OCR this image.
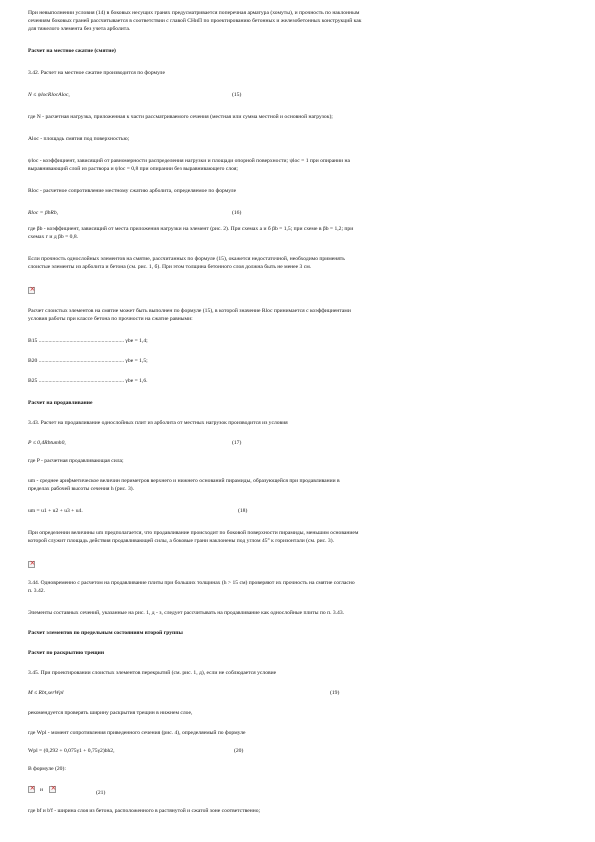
При невыполнении условия (14) в боковых несущих гранях предусматривается поперечная арматура (хомуты), и прочность по наклонным
сечениям боковых граней рассчитывается в соответствии с главой СНиП по проектированию бетонных и железобетонных конструкций как
для тяжелого элемента без учета арболита.
Расчет на местное сжатие (смятие)
3.42. Расчет на местное сжатие производится по формуле
N ≤ ψlocRlocAloc,	(15)
где N - расчетная нагрузка, приложенная к части рассматриваемого сечения (местная или сумма местной и основной нагрузок);
Aloc - площадь смятия под поверхностью;
ψloc - коэффициент, зависящий от равномерности распределения нагрузки и площади опорной поверхности; ψloc = 1 при опирании на
выравнивающий слой из раствора и ψloc = 0,8 при опирании без выравнивающего слоя;
Rloc - расчетное сопротивление местному сжатию арболита, определяемое по формуле
Rloc = βbRb,	(16)
где βb - коэффициент, зависящий от места приложения нагрузки на элемент (рис. 2). При схемах а и б βb = 1,5; при схеме в βb = 1,2; при
схемах г и д βb = 0,8.
Если прочность однослойных элементов на смятие, рассчитанных по формуле (15), окажется недостаточной, необходимо применять
слоистые элементы из арболита и бетона (см. рис. 1, б). При этом толщина бетонного слоя должна быть не менее 3 см.
×
Расчет слоистых элементов на смятие может быть выполнен по формуле (15), в которой значение Rloc принимается с коэффициентами
условия работы при классе бетона по прочности на сжатие равными:
В15 ............................................................. γbe = 1,4;
В20 ............................................................. γbe = 1,5;
В25 ............................................................. γbe = 1,6.
Расчет на продавливание
3.43. Расчет на продавливание однослойных плит из арболита от местных нагрузок производится из условия
P ≤ 0,4Rbtumh0,	(17)
где P - расчетная продавливающая сила;
um - среднее арифметическое величин периметров верхнего и нижнего оснований пирамиды, образующейся при продавливании в
пределах рабочей высоты сечения h (рис. 3).
um = u1 + u2 + u3 + u4.	(18)
При определении величины um предполагается, что продавливание происходит по боковой поверхности пирамиды, меньшим основанием
которой служит площадь действия продавливающей силы, а боковые грани наклонены под углом 45° к горизонтали (см. рис. 3).
×
3.44. Одновременно с расчетом на продавливание плиты при больших толщинах (h > 15 см) проверяют их прочность на смятие согласно
п. 3.42.
Элементы составных сечений, указанные на рис. 1, д - з, следует рассчитывать на продавливание как однослойные плиты по п. 3.43.
Расчет элементов по предельным состояниям второй группы
Расчет по раскрытию трещин
3.45. При проектировании слоистых элементов перекрытий (см. рис. 1, д), если не соблюдается условие
M ≤ Rbt,serWpl	(19)
рекомендуется проверять ширину раскрытия трещин в нижнем слое,
где Wpl - момент сопротивления приведенного сечения (рис. 4), определяемый по формуле
Wpl = (0,292 + 0,075γ1 + 0,75γ2)bh2,	(20)
В формуле (20):
×
и
×	(21)
где bf и b'f - ширина слоя из бетона, расположенного в растянутой и сжатой зоне соответственно;
